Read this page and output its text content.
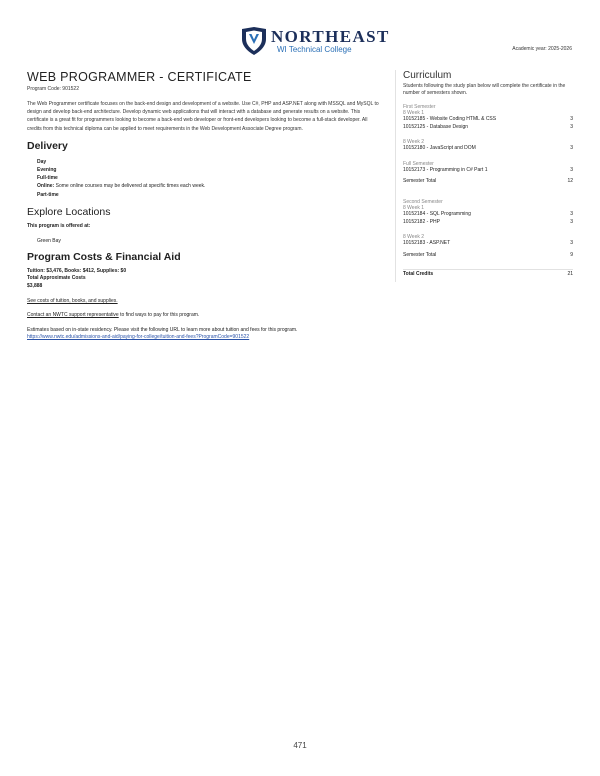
NORTHEAST
WI Technical College	Academic year: 2025-2026
WEB PROGRAMMER - CERTIFICATE
Program Code: 901522

The Web Programmer certificate focuses on the back-end design and development of a website. Use C#, PHP and ASP.NET along with MSSQL and MySQL to design and develop back-end architecture. Develop dynamic web applications that will interact with a database and generate results on a website. This certificate is a great fit for programmers looking to become a back-end web developer or front-end developers looking to become a full-stack developer. All credits from this technical diploma can be applied to meet requirements in the Web Development Associate Degree program.

Delivery
Day
Evening
Full-time
Online: Some online courses may be delivered at specific times each week.
Part-time
Explore Locations
This program is offered at:
Green Bay
Program Costs & Financial Aid
Tuition: $3,476, Books: $412, Supplies: $0
Total Approximate Costs
$3,888
See costs of tuition, books, and supplies.
Contact an NWTC support representative to find ways to pay for this program.
Estimates based on in-state residency. Please visit the following URL to learn more about tuition and fees for this program.
https://www.nwtc.edu/admissions-and-aid/paying-for-college/tuition-and-fees?ProgramCode=901522
Curriculum
Students following the study plan below will complete the certificate in the number of semesters shown.
First Semester
8 Week 1
10152185 - Website Coding HTML & CSS	3
10152125 - Database Design	3
8 Week 2
10152180 - JavaScript and DOM	3
Full Semester
10152173 - Programming in C# Part 1	3
Semester Total	12
Second Semester
8 Week 1
10152184 - SQL Programming	3
10152182 - PHP	3
8 Week 2
10152183 - ASP.NET	3
Semester Total	9
Total Credits	21
471
